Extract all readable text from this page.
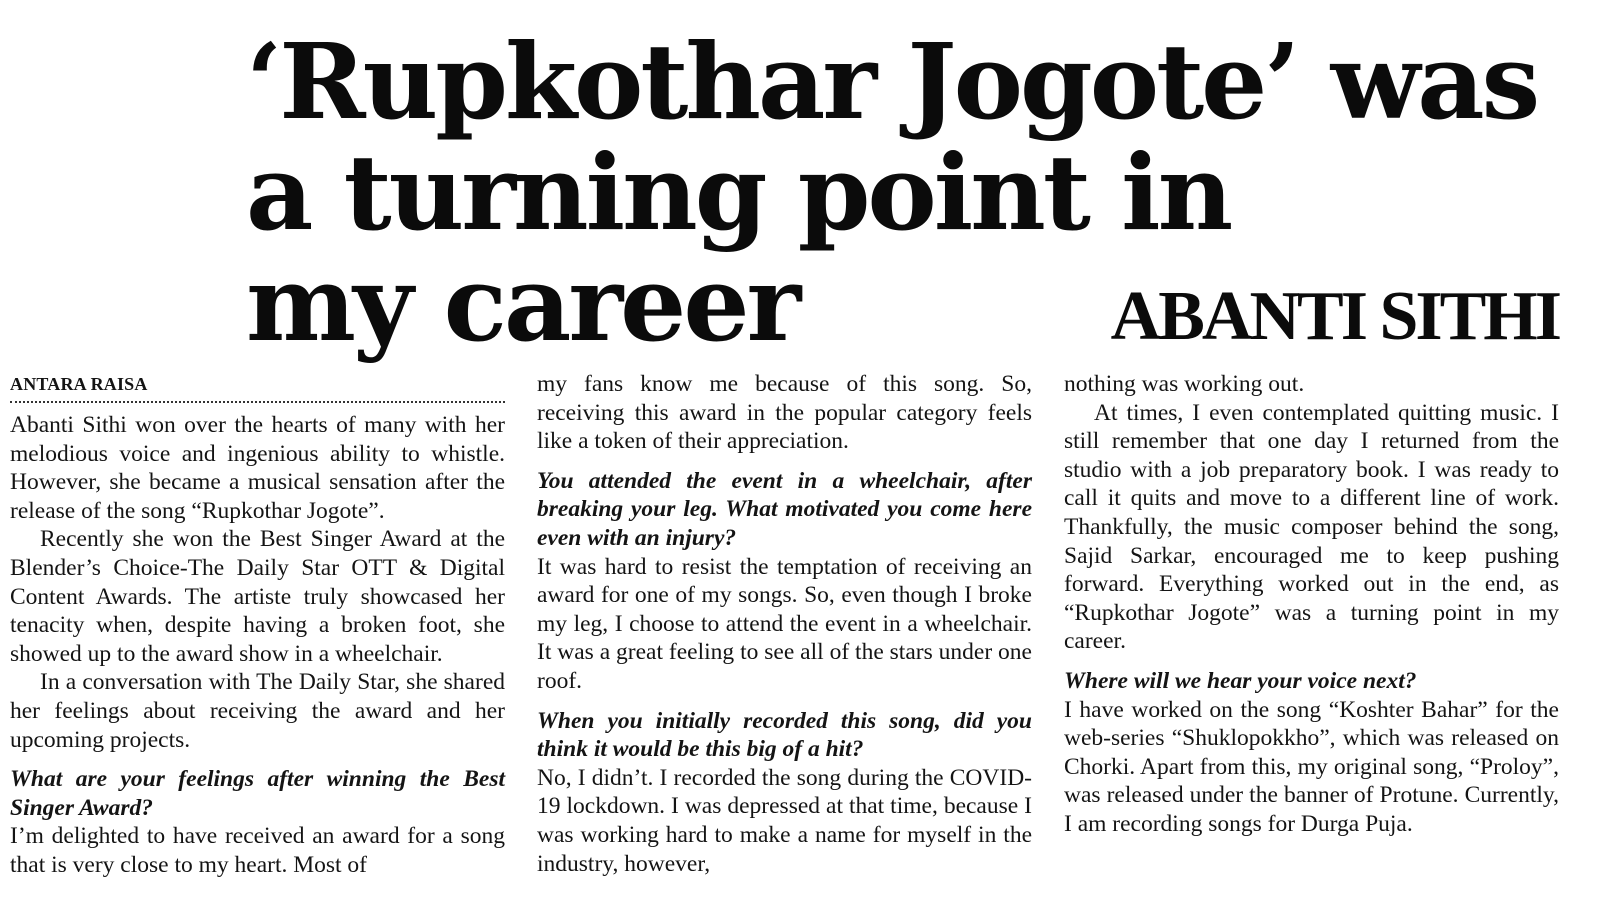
‘Rupkothar Jogote’ was
a turning point in
my career	ABANTI SITHI
ANTARA RAISA

Abanti Sithi won over the hearts of many with her melodious voice and ingenious ability to whistle. However, she became a musical sensation after the release of the song “Rupkothar Jogote”.

Recently she won the Best Singer Award at the Blender’s Choice-The Daily Star OTT & Digital Content Awards. The artiste truly showcased her tenacity when, despite having a broken foot, she showed up to the award show in a wheelchair.

In a conversation with The Daily Star, she shared her feelings about receiving the award and her upcoming projects.

What are your feelings after winning the Best Singer Award?

I’m delighted to have received an award for a song that is very close to my heart. Most of

my fans know me because of this song. So, receiving this award in the popular category feels like a token of their appreciation.

You attended the event in a wheelchair, after breaking your leg. What motivated you come here even with an injury?

It was hard to resist the temptation of receiving an award for one of my songs. So, even though I broke my leg, I choose to attend the event in a wheelchair. It was a great feeling to see all of the stars under one roof.

When you initially recorded this song, did you think it would be this big of a hit?

No, I didn’t. I recorded the song during the COVID-19 lockdown. I was depressed at that time, because I was working hard to make a name for myself in the industry, however,

nothing was working out.

At times, I even contemplated quitting music. I still remember that one day I returned from the studio with a job preparatory book. I was ready to call it quits and move to a different line of work. Thankfully, the music composer behind the song, Sajid Sarkar, encouraged me to keep pushing forward. Everything worked out in the end, as “Rupkothar Jogote” was a turning point in my career.

Where will we hear your voice next?

I have worked on the song “Koshter Bahar” for the web-series “Shuklopokkho”, which was released on Chorki. Apart from this, my original song, “Proloy”, was released under the banner of Protune. Currently, I am recording songs for Durga Puja.
